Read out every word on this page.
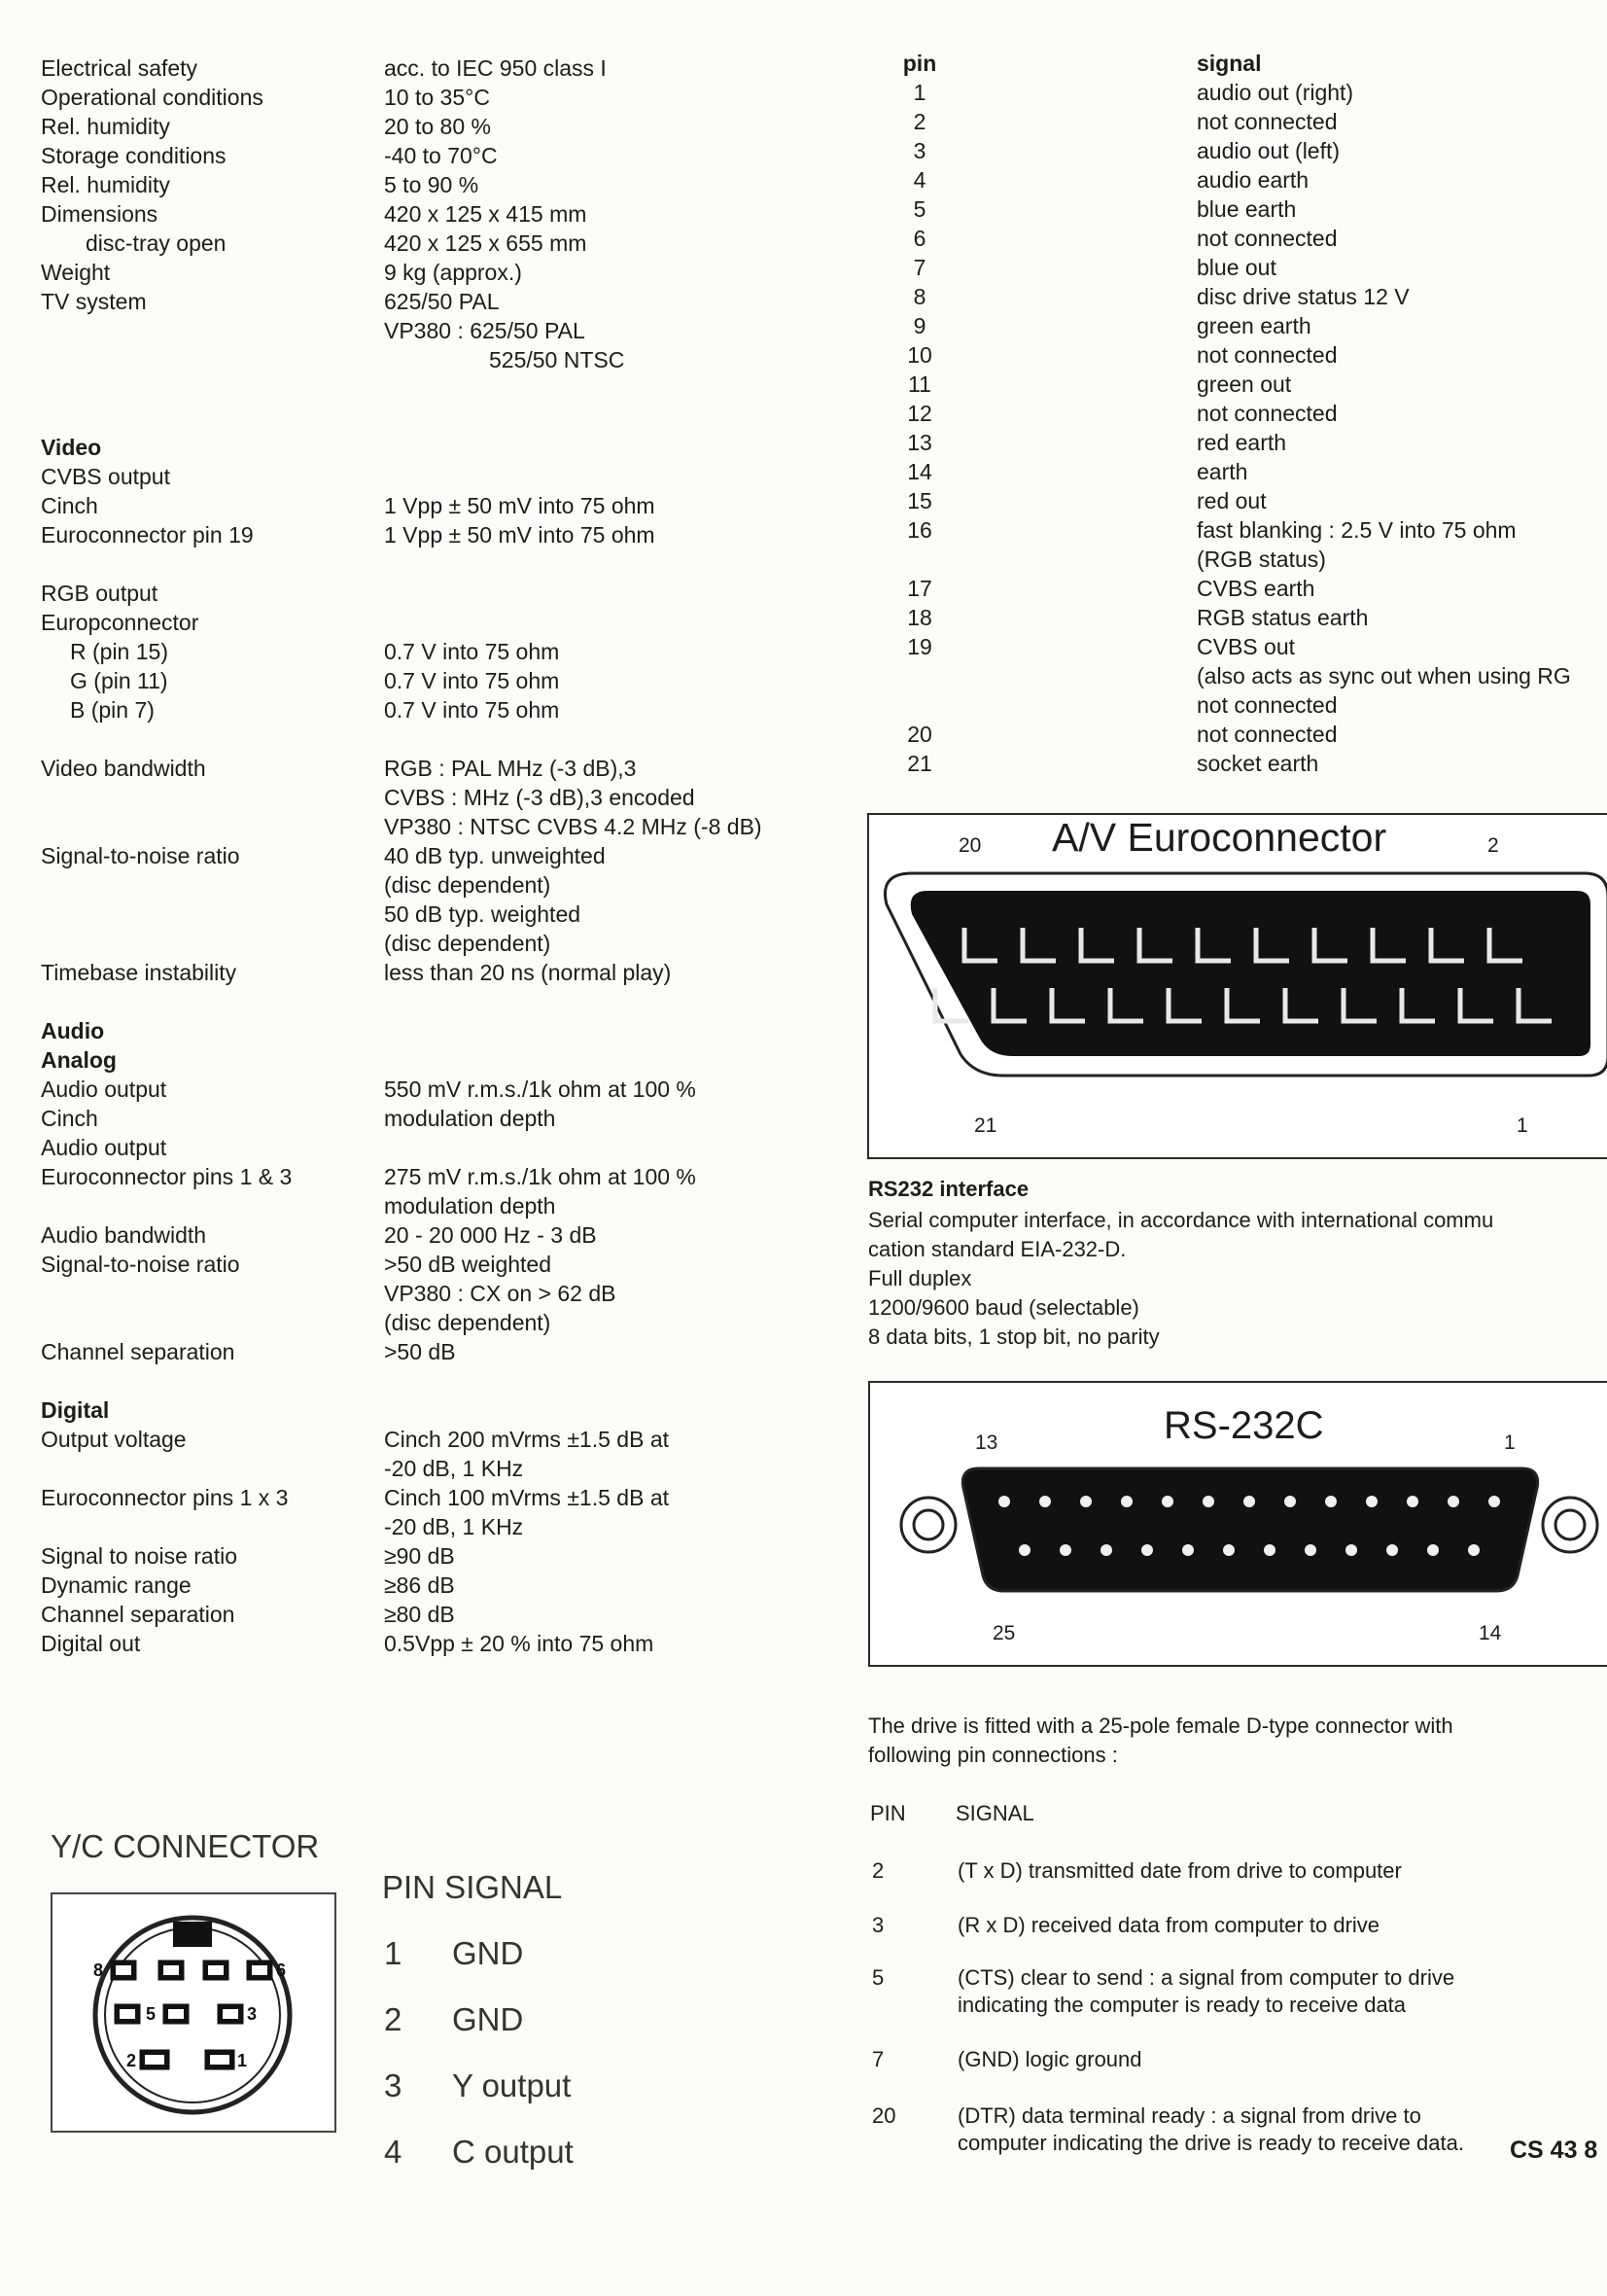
Electrical safety	acc. to IEC 950 class I
Operational conditions	10 to 35°C
Rel. humidity	20 to 80 %
Storage conditions	-40 to 70°C
Rel. humidity	5 to 90 %
Dimensions	420 x 125 x 415 mm
disc-tray open	420 x 125 x 655 mm
Weight	9 kg (approx.)
TV system	625/50 PAL
VP380 : 625/50 PAL
525/50 NTSC
Video
CVBS output
Cinch	1 Vpp ± 50 mV into 75 ohm
Euroconnector pin 19	1 Vpp ± 50 mV into 75 ohm
RGB output
Europconnector
R (pin 15)	0.7 V into 75 ohm
G (pin 11)	0.7 V into 75 ohm
B (pin 7)	0.7 V into 75 ohm
Video bandwidth	RGB : PAL MHz (-3 dB),3
CVBS : MHz (-3 dB),3 encoded
VP380 : NTSC CVBS 4.2 MHz (-8 dB)
Signal-to-noise ratio	40 dB typ. unweighted
(disc dependent)
50 dB typ. weighted
(disc dependent)
Timebase instability	less than 20 ns (normal play)
Audio
Analog
Audio output	550 mV r.m.s./1k ohm at 100 %
Cinch	modulation depth
Audio output
Euroconnector pins 1 & 3	275 mV r.m.s./1k ohm at 100 %
modulation depth
Audio bandwidth	20 - 20 000 Hz - 3 dB
Signal-to-noise ratio	>50 dB weighted
VP380 : CX on > 62 dB
(disc dependent)
Channel separation	>50 dB
Digital
Output voltage	Cinch 200 mVrms ±1.5 dB at
-20 dB, 1 KHz
Euroconnector pins 1 x 3	Cinch 100 mVrms ±1.5 dB at
-20 dB, 1 KHz
Signal to noise ratio	≥90 dB
Dynamic range	≥86 dB
Channel separation	≥80 dB
Digital out	0.5Vpp ± 20 % into 75 ohm
pin	signal
1	audio out (right)
2	not connected
3	audio out (left)
4	audio earth
5	blue earth
6	not connected
7	blue out
8	disc drive status 12 V
9	green earth
10	not connected
11	green out
12	not connected
13	red earth
14	earth
15	red out
16	fast blanking : 2.5 V into 75 ohm
(RGB status)
17	CVBS earth
18	RGB status earth
19	CVBS out
(also acts as sync out when using RG
not connected
20	not connected
21	socket earth
A/V Euroconnector
20	2
21	1
RS232 interface
Serial computer interface, in accordance with international commu
cation standard EIA-232-D.
Full duplex
1200/9600 baud (selectable)
8 data bits, 1 stop bit, no parity
RS-232C
13	1
25	14
The drive is fitted with a 25-pole female D-type connector with
following pin connections :
PIN SIGNAL
2	(T x D) transmitted date from drive to computer
3	(R x D) received data from computer to drive
5	(CTS) clear to send : a signal from computer to drive
indicating the computer is ready to receive data
7	(GND) logic ground
20	(DTR) data terminal ready : a signal from drive to
computer indicating the drive is ready to receive data.
Y/C CONNECTOR
8	6
5	3
2	1
PIN SIGNAL
1 GND
2 GND
3 Y output
4 C output	CS 43 8
